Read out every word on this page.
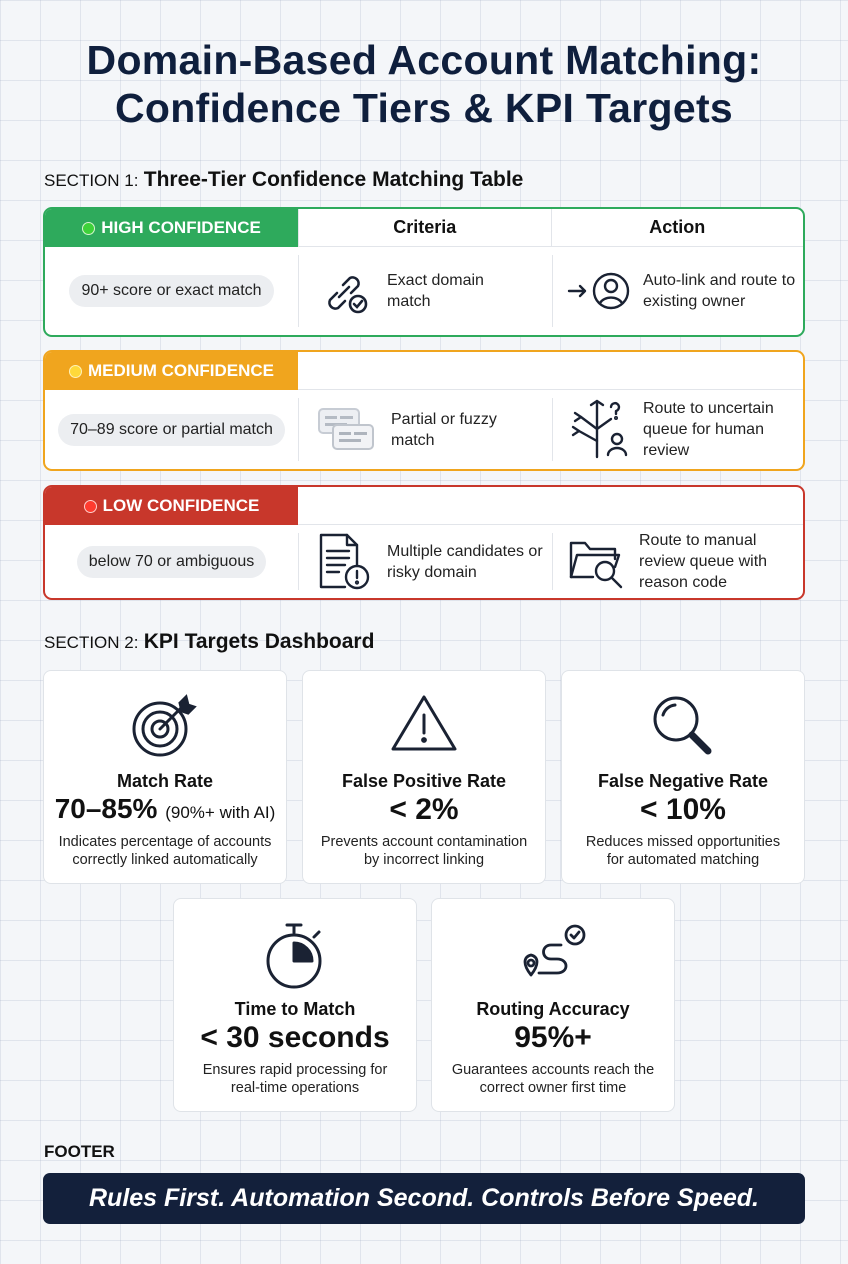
Domain-Based Account Matching:
Confidence Tiers & KPI Targets
SECTION 1: Three-Tier Confidence Matching Table
HIGH CONFIDENCE	Criteria	Action
90+ score or exact match
Exact domain match
Auto-link and route to existing owner
MEDIUM CONFIDENCE
70–89 score or partial match
Partial or fuzzy match
Route to uncertain queue for human review
LOW CONFIDENCE
below 70 or ambiguous
Multiple candidates or risky domain
Route to manual review queue with reason code
SECTION 2: KPI Targets Dashboard
Match Rate
70–85% (90%+ with AI)
Indicates percentage of accounts
correctly linked automatically
False Positive Rate
< 2%
Prevents account contamination
by incorrect linking
False Negative Rate
< 10%
Reduces missed opportunities
for automated matching
Time to Match
< 30 seconds
Ensures rapid processing for
real-time operations
Routing Accuracy
95%+
Guarantees accounts reach the
correct owner first time
FOOTER
Rules First. Automation Second. Controls Before Speed.
